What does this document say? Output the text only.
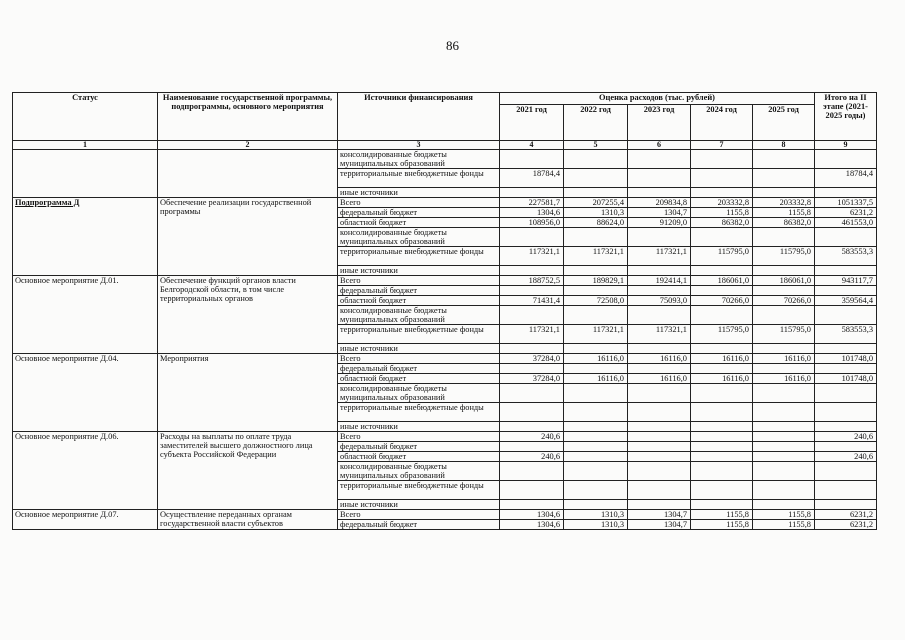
86
Статус	Наименование государственной программы, подпрограммы, основного мероприятия	Источники финансирования	Оценка расходов (тыс. рублей)					Итого на II этапе (2021-2025 годы)
			2021 год	2022 год	2023 год	2024 год	2025 год	
1	2	3	4	5	6	7	8	9
		консолидированные бюджеты муниципальных образований						
		территориальные внебюджетные фонды	18784,4					18784,4
		иные источники						
Подпрограмма Д	Обеспечение реализации государственной программы	Всего	227581,7	207255,4	209834,8	203332,8	203332,8	1051337,5
		федеральный бюджет	1304,6	1310,3	1304,7	1155,8	1155,8	6231,2
		областной бюджет	108956,0	88624,0	91209,0	86382,0	86382,0	461553,0
		консолидированные бюджеты муниципальных образований						
		территориальные внебюджетные фонды	117321,1	117321,1	117321,1	115795,0	115795,0	583553,3
		иные источники						
Основное мероприятие Д.01.	Обеспечение функций органов власти Белгородской области, в том числе территориальных органов	Всего	188752,5	189829,1	192414,1	186061,0	186061,0	943117,7
		федеральный бюджет						
		областной бюджет	71431,4	72508,0	75093,0	70266,0	70266,0	359564,4
		консолидированные бюджеты муниципальных образований						
		территориальные внебюджетные фонды	117321,1	117321,1	117321,1	115795,0	115795,0	583553,3
		иные источники						
Основное мероприятие Д.04.	Мероприятия	Всего	37284,0	16116,0	16116,0	16116,0	16116,0	101748,0
		федеральный бюджет						
		областной бюджет	37284,0	16116,0	16116,0	16116,0	16116,0	101748,0
		консолидированные бюджеты муниципальных образований						
		территориальные внебюджетные фонды						
		иные источники						
Основное мероприятие Д.06.	Расходы на выплаты по оплате труда заместителей высшего должностного лица субъекта Российской Федерации	Всего	240,6					240,6
		федеральный бюджет						
		областной бюджет	240,6					240,6
		консолидированные бюджеты муниципальных образований						
		территориальные внебюджетные фонды						
		иные источники						
Основное мероприятие Д.07.	Осуществление переданных органам государственной власти субъектов	Всего	1304,6	1310,3	1304,7	1155,8	1155,8	6231,2
		федеральный бюджет	1304,6	1310,3	1304,7	1155,8	1155,8	6231,2
